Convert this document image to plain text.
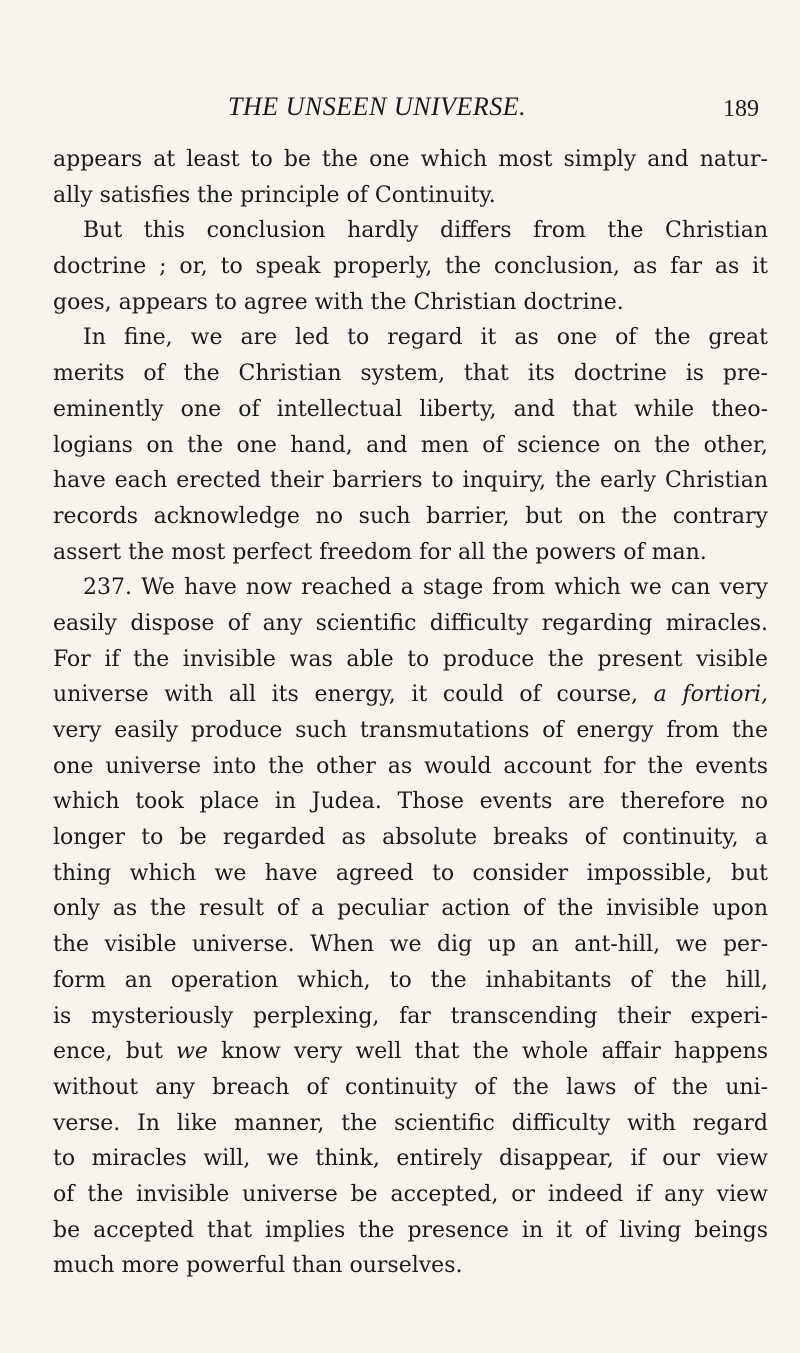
THE UNSEEN UNIVERSE.	189
appears at least to be the one which most simply and natur-
ally satisfies the principle of Continuity.
But this conclusion hardly differs from the Christian
doctrine ; or, to speak properly, the conclusion, as far as it
goes, appears to agree with the Christian doctrine.
In fine, we are led to regard it as one of the great
merits of the Christian system, that its doctrine is pre-
eminently one of intellectual liberty, and that while theo-
logians on the one hand, and men of science on the other,
have each erected their barriers to inquiry, the early Christian
records acknowledge no such barrier, but on the contrary
assert the most perfect freedom for all the powers of man.
237. We have now reached a stage from which we can very
easily dispose of any scientific difficulty regarding miracles.
For if the invisible was able to produce the present visible
universe with all its energy, it could of course, a fortiori,
very easily produce such transmutations of energy from the
one universe into the other as would account for the events
which took place in Judea. Those events are therefore no
longer to be regarded as absolute breaks of continuity, a
thing which we have agreed to consider impossible, but
only as the result of a peculiar action of the invisible upon
the visible universe. When we dig up an ant-hill, we per-
form an operation which, to the inhabitants of the hill,
is mysteriously perplexing, far transcending their experi-
ence, but we know very well that the whole affair happens
without any breach of continuity of the laws of the uni-
verse. In like manner, the scientific difficulty with regard
to miracles will, we think, entirely disappear, if our view
of the invisible universe be accepted, or indeed if any view
be accepted that implies the presence in it of living beings
much more powerful than ourselves.
